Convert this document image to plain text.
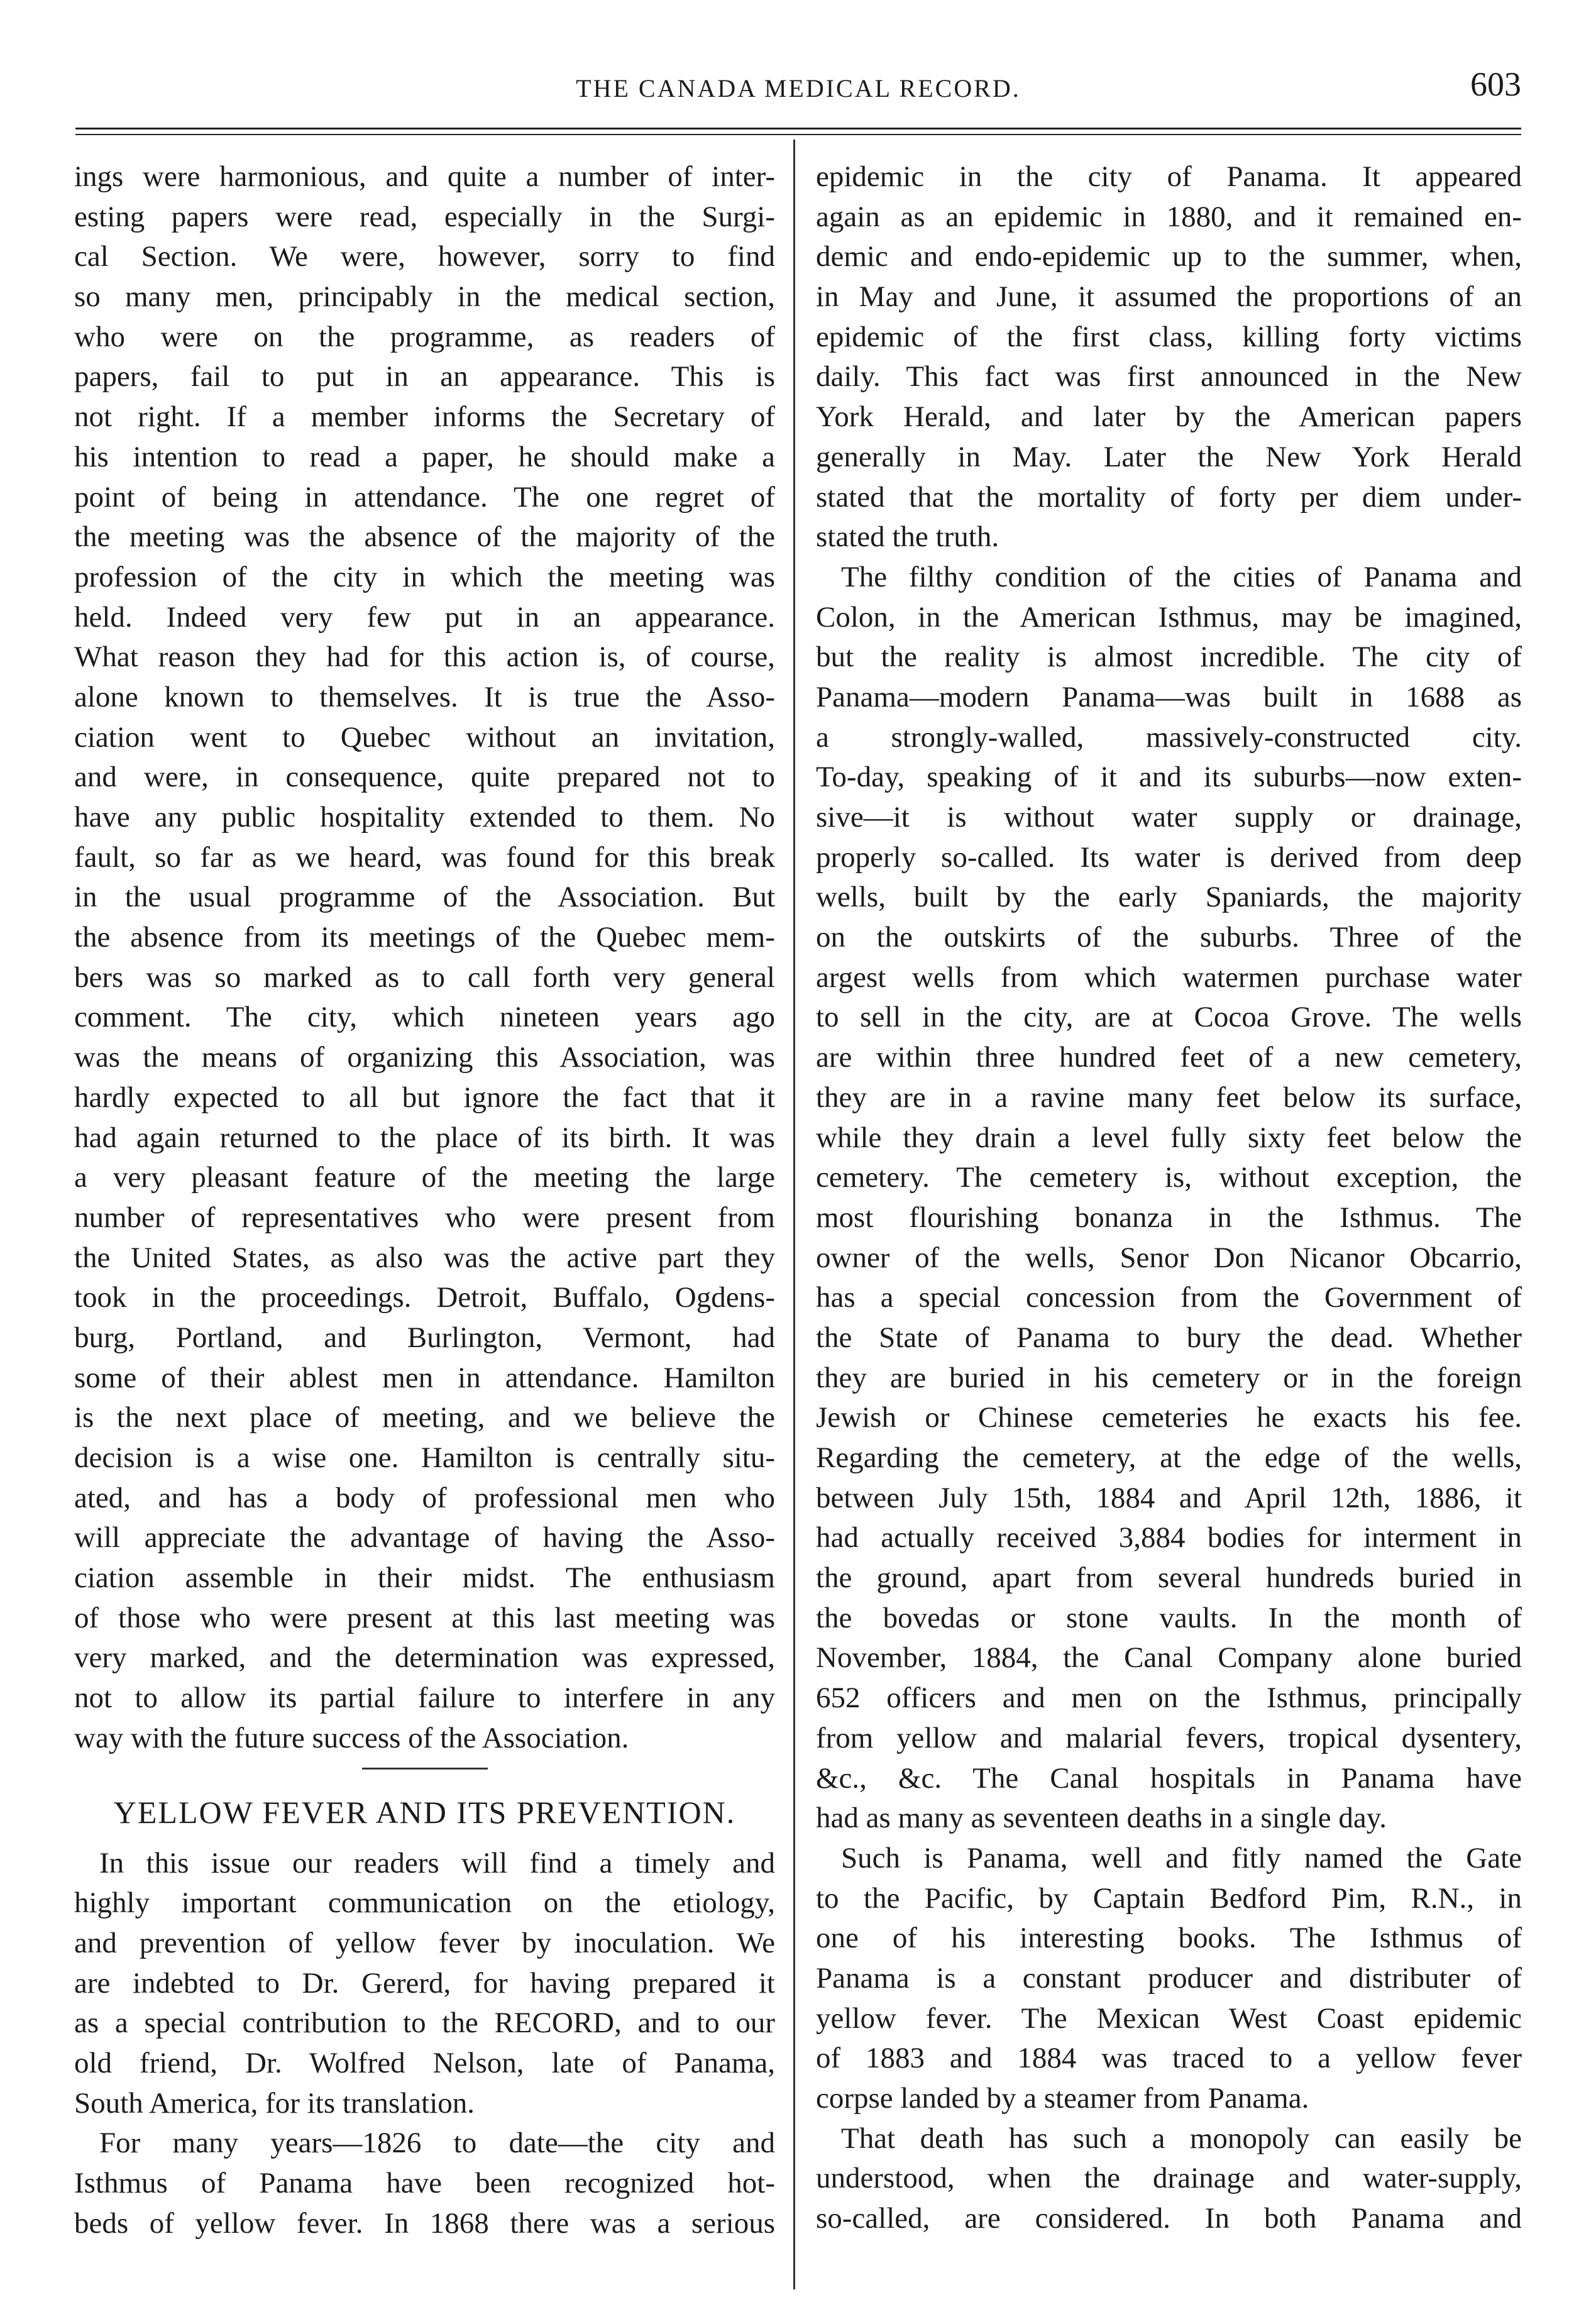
THE CANADA MEDICAL RECORD.	603
ings were harmonious, and quite a number of inter-
esting papers were read, especially in the Surgi-
cal Section. We were, however, sorry to find
so many men, principably in the medical section,
who were on the programme, as readers of
papers, fail to put in an appearance. This is
not right. If a member informs the Secretary of
his intention to read a paper, he should make a
point of being in attendance. The one regret of
the meeting was the absence of the majority of the
profession of the city in which the meeting was
held. Indeed very few put in an appearance.
What reason they had for this action is, of course,
alone known to themselves. It is true the Asso-
ciation went to Quebec without an invitation,
and were, in consequence, quite prepared not to
have any public hospitality extended to them. No
fault, so far as we heard, was found for this break
in the usual programme of the Association. But
the absence from its meetings of the Quebec mem-
bers was so marked as to call forth very general
comment. The city, which nineteen years ago
was the means of organizing this Association, was
hardly expected to all but ignore the fact that it
had again returned to the place of its birth. It was
a very pleasant feature of the meeting the large
number of representatives who were present from
the United States, as also was the active part they
took in the proceedings. Detroit, Buffalo, Ogdens-
burg, Portland, and Burlington, Vermont, had
some of their ablest men in attendance. Hamilton
is the next place of meeting, and we believe the
decision is a wise one. Hamilton is centrally situ-
ated, and has a body of professional men who
will appreciate the advantage of having the Asso-
ciation assemble in their midst. The enthusiasm
of those who were present at this last meeting was
very marked, and the determination was expressed,
not to allow its partial failure to interfere in any
way with the future success of the Association.
YELLOW FEVER AND ITS PREVENTION.
In this issue our readers will find a timely and
highly important communication on the etiology,
and prevention of yellow fever by inoculation. We
are indebted to Dr. Gererd, for having prepared it
as a special contribution to the RECORD, and to our
old friend, Dr. Wolfred Nelson, late of Panama,
South America, for its translation.
For many years—1826 to date—the city and
Isthmus of Panama have been recognized hot-
beds of yellow fever. In 1868 there was a serious
epidemic in the city of Panama. It appeared
again as an epidemic in 1880, and it remained en-
demic and endo-epidemic up to the summer, when,
in May and June, it assumed the proportions of an
epidemic of the first class, killing forty victims
daily. This fact was first announced in the New
York Herald, and later by the American papers
generally in May. Later the New York Herald
stated that the mortality of forty per diem under-
stated the truth.
The filthy condition of the cities of Panama and
Colon, in the American Isthmus, may be imagined,
but the reality is almost incredible. The city of
Panama—modern Panama—was built in 1688 as
a strongly-walled, massively-constructed city.
To-day, speaking of it and its suburbs—now exten-
sive—it is without water supply or drainage,
properly so-called. Its water is derived from deep
wells, built by the early Spaniards, the majority
on the outskirts of the suburbs. Three of the
argest wells from which watermen purchase water
to sell in the city, are at Cocoa Grove. The wells
are within three hundred feet of a new cemetery,
they are in a ravine many feet below its surface,
while they drain a level fully sixty feet below the
cemetery. The cemetery is, without exception, the
most flourishing bonanza in the Isthmus. The
owner of the wells, Senor Don Nicanor Obcarrio,
has a special concession from the Government of
the State of Panama to bury the dead. Whether
they are buried in his cemetery or in the foreign
Jewish or Chinese cemeteries he exacts his fee.
Regarding the cemetery, at the edge of the wells,
between July 15th, 1884 and April 12th, 1886, it
had actually received 3,884 bodies for interment in
the ground, apart from several hundreds buried in
the bovedas or stone vaults. In the month of
November, 1884, the Canal Company alone buried
652 officers and men on the Isthmus, principally
from yellow and malarial fevers, tropical dysentery,
&c., &c. The Canal hospitals in Panama have
had as many as seventeen deaths in a single day.
Such is Panama, well and fitly named the Gate
to the Pacific, by Captain Bedford Pim, R.N., in
one of his interesting books. The Isthmus of
Panama is a constant producer and distributer of
yellow fever. The Mexican West Coast epidemic
of 1883 and 1884 was traced to a yellow fever
corpse landed by a steamer from Panama.
That death has such a monopoly can easily be
understood, when the drainage and water-supply,
so-called, are considered. In both Panama and
